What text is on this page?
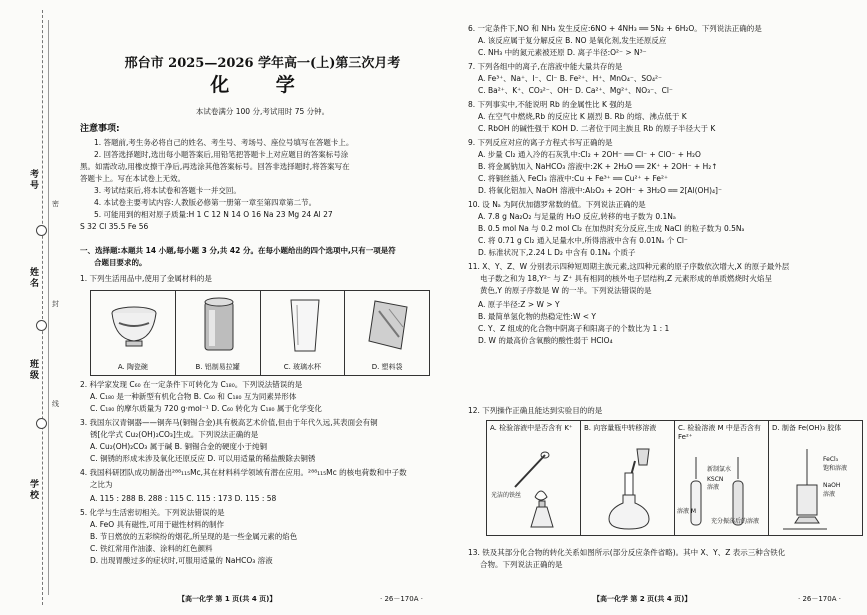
考号
姓名
班级
学校
密
封
线
邢台市 2025—2026 学年高一(上)第三次月考
化 学
本试卷满分 100 分,考试用时 75 分钟。
注意事项:
1. 答题前,考生务必将自己的姓名、考生号、考场号、座位号填写在答题卡上。
2. 回答选择题时,选出每小题答案后,用铅笔把答题卡上对应题目的答案标号涂
黑。如需改动,用橡皮擦干净后,再选涂其他答案标号。回答非选择题时,将答案写在
答题卡上。写在本试卷上无效。
3. 考试结束后,将本试卷和答题卡一并交回。
4. 本试卷主要考试内容:人教版必修第一册第一章至第四章第二节。
5. 可能用到的相对原子质量:H 1 C 12 N 14 O 16 Na 23 Mg 24 Al 27
S 32 Cl 35.5 Fe 56
一、选择题:本题共 14 小题,每小题 3 分,共 42 分。在每小题给出的四个选项中,只有一项是符
合题目要求的。
1. 下列生活用品中,使用了金属材料的是
A. 陶瓷碗	B. 铝制易拉罐	C. 玻璃水杯	D. 塑料袋
2. 科学家发现 C₆₀ 在一定条件下可转化为 C₁₈₀。下列说法错误的是
A. C₁₈₀ 是一种新型有机化合物 B. C₆₀ 和 C₁₈₀ 互为同素异形体
C. C₁₈₀ 的摩尔质量为 720 g·mol⁻¹ D. C₆₀ 转化为 C₁₈₀ 属于化学变化
3. 我国东汉青铜器——铜奔马(铜锡合金)具有极高艺术价值,但由于年代久远,其表面会有铜
锈[化学式 Cu₂(OH)₂CO₃]生成。下列说法正确的是
A. Cu₂(OH)₂CO₃ 属于碱 B. 铜锡合金的硬度小于纯铜
C. 铜锈的形成未涉及氧化还原反应 D. 可以用适量的稀盐酸除去铜锈
4. 我国科研团队成功制备出²⁸⁸₁₁₅Mc,其在材料科学领域有潜在应用。²⁸⁸₁₁₅Mc 的核电荷数和中子数
之比为
A. 115 : 288 B. 288 : 115 C. 115 : 173 D. 115 : 58
5. 化学与生活密切相关。下列说法错误的是
A. FeO 具有磁性,可用于磁性材料的制作
B. 节日燃放的五彩缤纷的烟花,所呈现的是一些金属元素的焰色
C. 铁红常用作油漆、涂料的红色颜料
D. 出现胃酸过多的症状时,可服用适量的 NaHCO₃ 溶液
【高一化学 第 1 页(共 4 页)】	· 26－170A ·
6. 一定条件下,NO 和 NH₃ 发生反应:6NO + 4NH₃ ══ 5N₂ + 6H₂O。下列说法正确的是
A. 该反应属于复分解反应 B. NO 是氧化剂,发生还原反应
C. NH₃ 中的氮元素被还原 D. 离子半径:O²⁻ > N³⁻
7. 下列各组中的离子,在溶液中能大量共存的是
A. Fe³⁺、Na⁺、I⁻、Cl⁻ B. Fe²⁺、H⁺、MnO₄⁻、SO₄²⁻
C. Ba²⁺、K⁺、CO₃²⁻、OH⁻ D. Ca²⁺、Mg²⁺、NO₃⁻、Cl⁻
8. 下列事实中,不能说明 Rb 的金属性比 K 强的是
A. 在空气中燃烧,Rb 的反应比 K 剧烈 B. Rb 的熔、沸点低于 K
C. RbOH 的碱性强于 KOH D. 二者位于同主族且 Rb 的原子半径大于 K
9. 下列反应对应的离子方程式书写正确的是
A. 步量 Cl₂ 通入冷的石灰乳中:Cl₂ + 2OH⁻ ══ Cl⁻ + ClO⁻ + H₂O
B. 将金属钠加入 NaHCO₃ 溶液中:2K + 2H₂O ══ 2K⁺ + 2OH⁻ + H₂↑
C. 将铜丝插入 FeCl₃ 溶液中:Cu + Fe³⁺ ══ Cu²⁺ + Fe²⁺
D. 将氧化铝加入 NaOH 溶液中:Al₂O₃ + 2OH⁻ + 3H₂O ══ 2[Al(OH)₄]⁻
10. 设 Nₐ 为阿伏加德罗常数的值。下列说法正确的是
A. 7.8 g Na₂O₂ 与足量的 H₂O 反应,转移的电子数为 0.1Nₐ
B. 0.5 mol Na 与 0.2 mol Cl₂ 在加热时充分反应,生成 NaCl 的粒子数为 0.5Nₐ
C. 将 0.71 g Cl₂ 通入足量水中,所得溶液中含有 0.01Nₐ 个 Cl⁻
D. 标准状况下,2.24 L D₂ 中含有 0.1Nₐ 个质子
11. X、Y、Z、W 分别表示四种短周期主族元素,这四种元素的原子序数依次增大,X 的原子最外层
电子数之和为 18,Y²⁻ 与 Z⁺ 具有相同的核外电子层结构,Z 元素形成的单质燃烧时火焰呈
黄色,Y 的原子序数是 W 的一半。下列说法错误的是
A. 原子半径:Z > W > Y
B. 最简单氢化物的热稳定性:W < Y
C. Y、Z 组成的化合物中阴离子和阳离子的个数比为 1 : 1
D. W 的最高价含氧酸的酸性弱于 HClO₄
12. 下列操作正确且能达到实验目的的是
A. 检验溶液中是否含有 K⁺
光洁的铁丝
B. 向容量瓶中转移溶液	C. 检验溶液 M 中是否含有 Fe²⁺
新制氯水
KSCN
溶液
溶液 M
充分振荡后的溶液
D. 制备 Fe(OH)₃ 胶体
FeCl₃
饱和溶液
NaOH
溶液
13. 铁及其部分化合物的转化关系如图所示(部分反应条件省略)。其中 X、Y、Z 表示三种含铁化
合物。下列说法正确的是
【高一化学 第 2 页(共 4 页)】	· 26－170A ·
